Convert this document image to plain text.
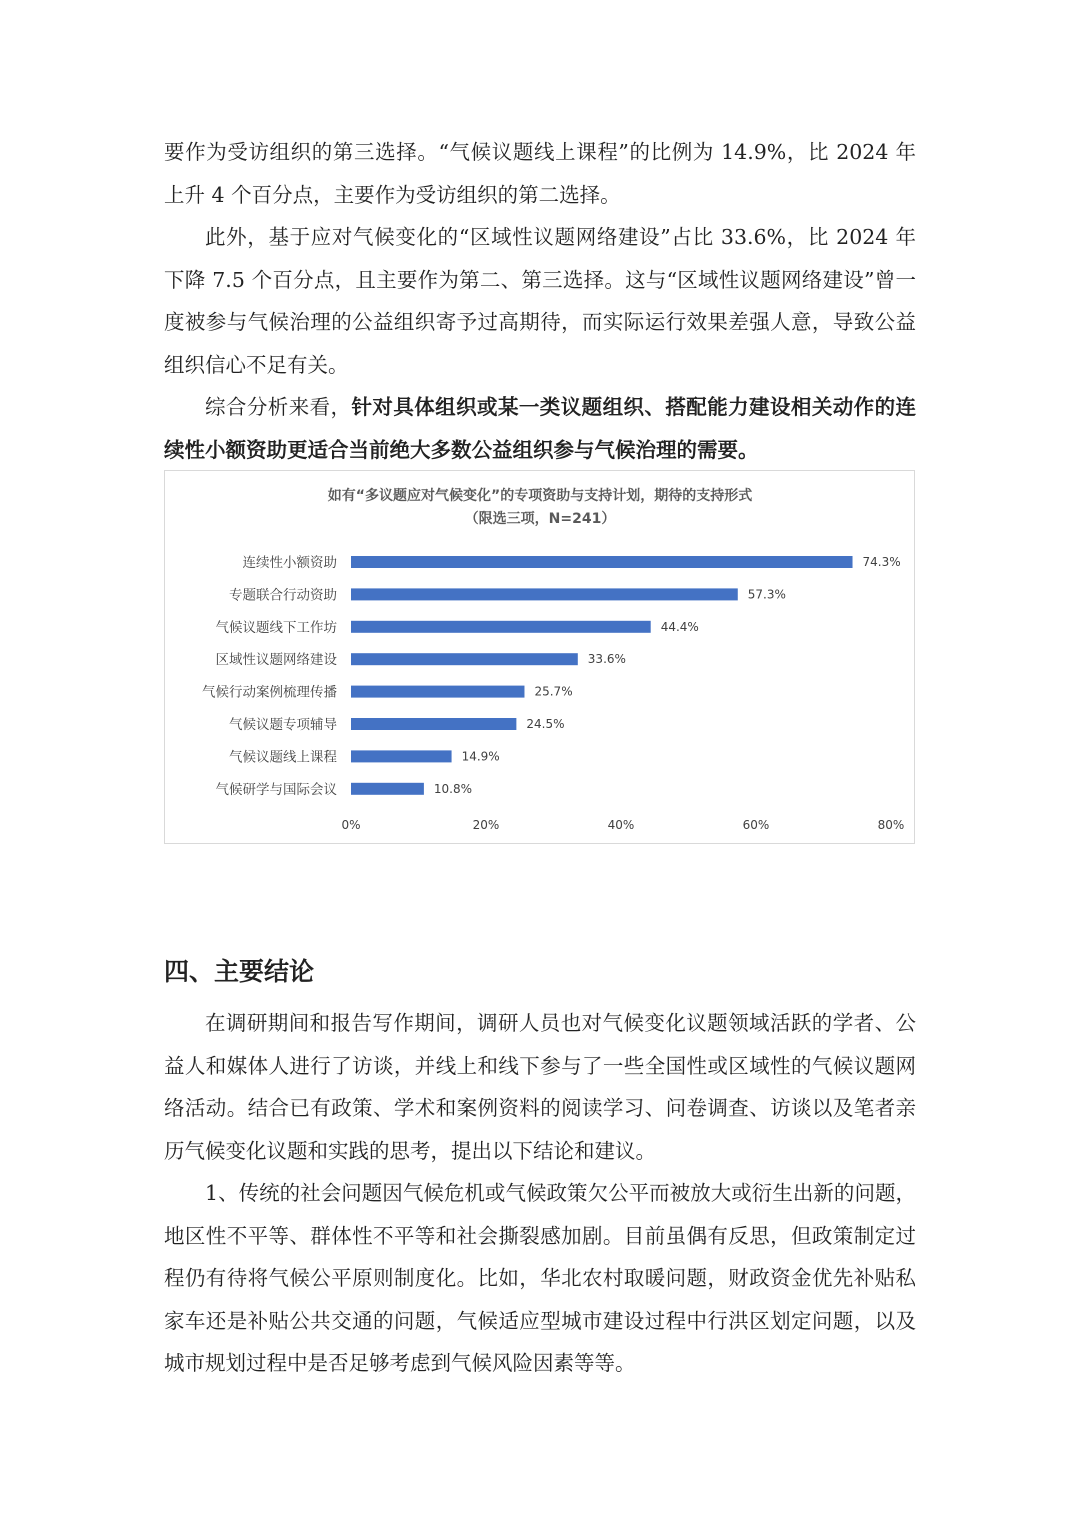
要作为受访组织的第三选择。“气候议题线上课程”的比例为 14.9%，比 2024 年上升 4 个百分点，主要作为受访组织的第二选择。

此外，基于应对气候变化的“区域性议题网络建设”占比 33.6%，比 2024 年下降 7.5 个百分点，且主要作为第二、第三选择。这与“区域性议题网络建设”曾一度被参与气候治理的公益组织寄予过高期待，而实际运行效果差强人意，导致公益组织信心不足有关。

综合分析来看，针对具体组织或某一类议题组织、搭配能力建设相关动作的连续性小额资助更适合当前绝大多数公益组织参与气候治理的需要。

如有“多议题应对气候变化”的专项资助与支持计划，期待的支持形式
（限选三项，N=241）
连续性小额资助	74.3%
专题联合行动资助	57.3%
气候议题线下工作坊	44.4%
区域性议题网络建设	33.6%
气候行动案例梳理传播	25.7%
气候议题专项辅导	24.5%
气候议题线上课程	14.9%
气候研学与国际会议	10.8%
0%	20%	40%	60%	80%
四、主要结论

在调研期间和报告写作期间，调研人员也对气候变化议题领域活跃的学者、公益人和媒体人进行了访谈，并线上和线下参与了一些全国性或区域性的气候议题网络活动。结合已有政策、学术和案例资料的阅读学习、问卷调查、访谈以及笔者亲历气候变化议题和实践的思考，提出以下结论和建议。

1、传统的社会问题因气候危机或气候政策欠公平而被放大或衍生出新的问题，地区性不平等、群体性不平等和社会撕裂感加剧。目前虽偶有反思，但政策制定过程仍有待将气候公平原则制度化。比如，华北农村取暖问题，财政资金优先补贴私家车还是补贴公共交通的问题，气候适应型城市建设过程中行洪区划定问题，以及城市规划过程中是否足够考虑到气候风险因素等等。
